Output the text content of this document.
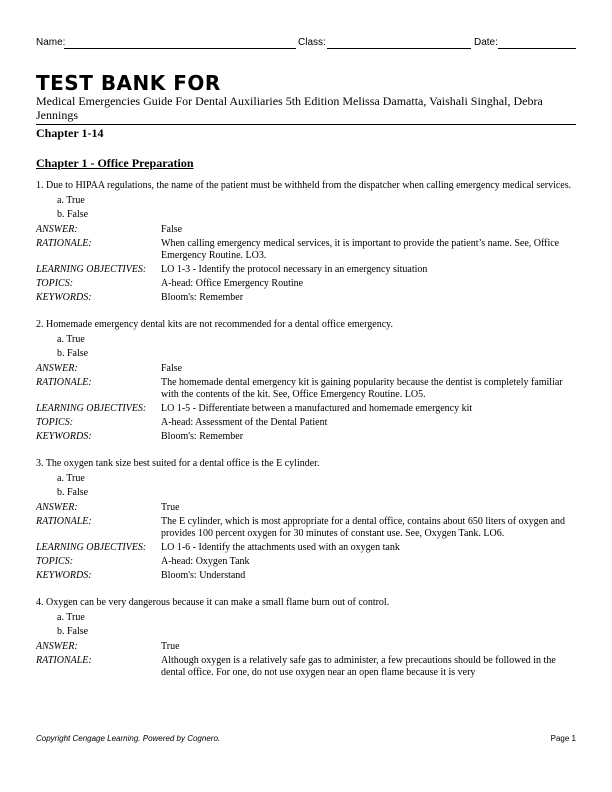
Name:	Class:	Date:
TEST BANK FOR
Medical Emergencies Guide For Dental Auxiliaries 5th Edition Melissa Damatta, Vaishali Singhal, Debra Jennings
Chapter 1-14
Chapter 1 - Office Preparation
1. Due to HIPAA regulations, the name of the patient must be withheld from the dispatcher when calling emergency medical services.
a. True
b. False
ANSWER:	False
RATIONALE:	When calling emergency medical services, it is important to provide the patient’s name. See, Office Emergency Routine. LO3.
LEARNING OBJECTIVES:	LO 1-3 - Identify the protocol necessary in an emergency situation
TOPICS:	A-head: Office Emergency Routine
KEYWORDS:	Bloom's: Remember
2. Homemade emergency dental kits are not recommended for a dental office emergency.
a. True
b. False
ANSWER:	False
RATIONALE:	The homemade dental emergency kit is gaining popularity because the dentist is completely familiar with the contents of the kit. See, Office Emergency Routine. LO5.
LEARNING OBJECTIVES:	LO 1-5 - Differentiate between a manufactured and homemade emergency kit
TOPICS:	A-head: Assessment of the Dental Patient
KEYWORDS:	Bloom's: Remember
3. The oxygen tank size best suited for a dental office is the E cylinder.
a. True
b. False
ANSWER:	True
RATIONALE:	The E cylinder, which is most appropriate for a dental office, contains about 650 liters of oxygen and provides 100 percent oxygen for 30 minutes of constant use. See, Oxygen Tank. LO6.
LEARNING OBJECTIVES:	LO 1-6 - Identify the attachments used with an oxygen tank
TOPICS:	A-head: Oxygen Tank
KEYWORDS:	Bloom's: Understand
4. Oxygen can be very dangerous because it can make a small flame burn out of control.
a. True
b. False
ANSWER:	True
RATIONALE:	Although oxygen is a relatively safe gas to administer, a few precautions should be followed in the dental office. For one, do not use oxygen near an open flame because it is very
Copyright Cengage Learning. Powered by Cognero.	Page 1
